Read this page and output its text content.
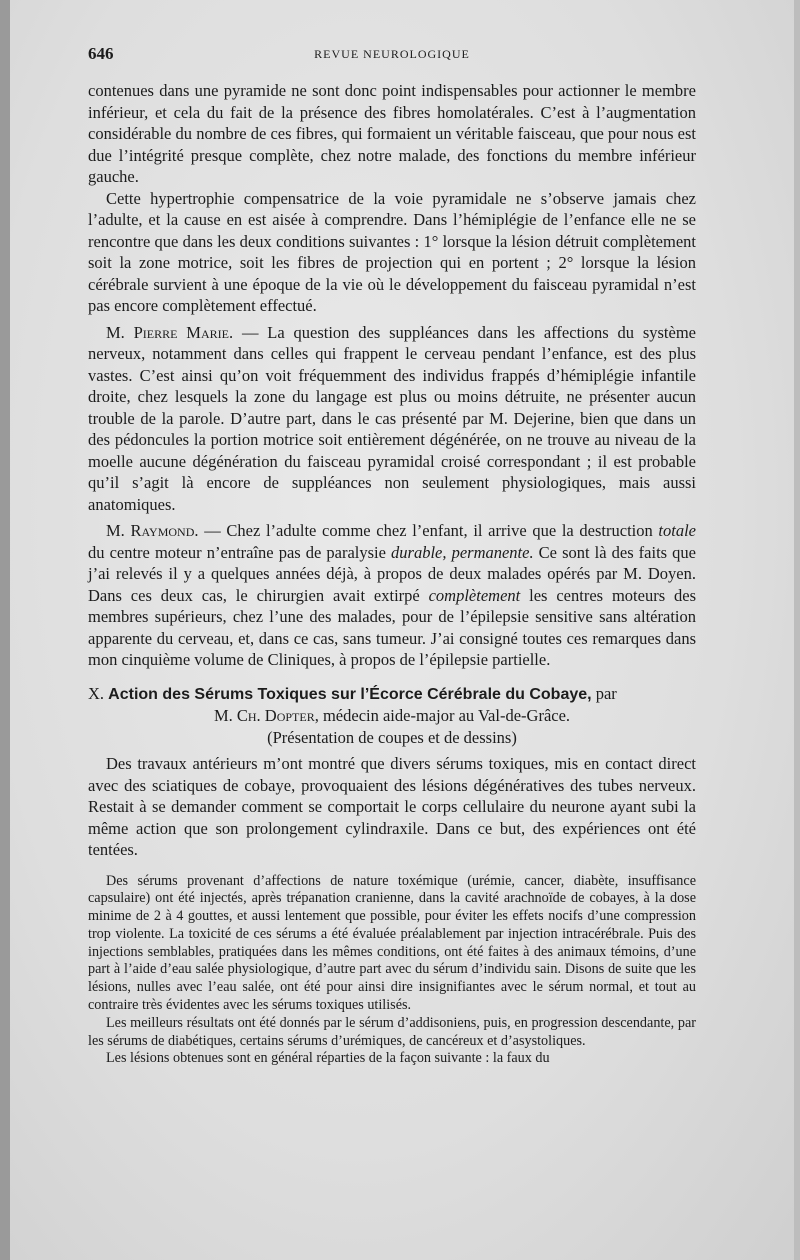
646	REVUE NEUROLOGIQUE

contenues dans une pyramide ne sont donc point indispensables pour actionner le membre inférieur, et cela du fait de la présence des fibres homolatérales. C’est à l’augmentation considérable du nombre de ces fibres, qui formaient un véritable faisceau, que pour nous est due l’intégrité presque complète, chez notre malade, des fonctions du membre inférieur gauche.

Cette hypertrophie compensatrice de la voie pyramidale ne s’observe jamais chez l’adulte, et la cause en est aisée à comprendre. Dans l’hémiplégie de l’enfance elle ne se rencontre que dans les deux conditions suivantes : 1° lorsque la lésion détruit complètement soit la zone motrice, soit les fibres de projection qui en portent ; 2° lorsque la lésion cérébrale survient à une époque de la vie où le développement du faisceau pyramidal n’est pas encore complètement effectué.

M. Pierre Marie. — La question des suppléances dans les affections du système nerveux, notamment dans celles qui frappent le cerveau pendant l’enfance, est des plus vastes. C’est ainsi qu’on voit fréquemment des individus frappés d’hémiplégie infantile droite, chez lesquels la zone du langage est plus ou moins détruite, ne présenter aucun trouble de la parole. D’autre part, dans le cas présenté par M. Dejerine, bien que dans un des pédoncules la portion motrice soit entièrement dégénérée, on ne trouve au niveau de la moelle aucune dégénération du faisceau pyramidal croisé correspondant ; il est probable qu’il s’agit là encore de suppléances non seulement physiologiques, mais aussi anatomiques.

M. Raymond. — Chez l’adulte comme chez l’enfant, il arrive que la destruction totale du centre moteur n’entraîne pas de paralysie durable, permanente. Ce sont là des faits que j’ai relevés il y a quelques années déjà, à propos de deux malades opérés par M. Doyen. Dans ces deux cas, le chirurgien avait extirpé complètement les centres moteurs des membres supérieurs, chez l’une des malades, pour de l’épilepsie sensitive sans altération apparente du cerveau, et, dans ce cas, sans tumeur. J’ai consigné toutes ces remarques dans mon cinquième volume de Cliniques, à propos de l’épilepsie partielle.

X. Action des Sérums Toxiques sur l’Écorce Cérébrale du Cobaye, par

M. Ch. Dopter, médecin aide-major au Val-de-Grâce.

(Présentation de coupes et de dessins)

Des travaux antérieurs m’ont montré que divers sérums toxiques, mis en contact direct avec des sciatiques de cobaye, provoquaient des lésions dégénératives des tubes nerveux. Restait à se demander comment se comportait le corps cellulaire du neurone ayant subi la même action que son prolongement cylindraxile. Dans ce but, des expériences ont été tentées.

Des sérums provenant d’affections de nature toxémique (urémie, cancer, diabète, insuffisance capsulaire) ont été injectés, après trépanation cranienne, dans la cavité arachnoïde de cobayes, à la dose minime de 2 à 4 gouttes, et aussi lentement que possible, pour éviter les effets nocifs d’une compression trop violente. La toxicité de ces sérums a été évaluée préalablement par injection intracérébrale. Puis des injections semblables, pratiquées dans les mêmes conditions, ont été faites à des animaux témoins, d’une part à l’aide d’eau salée physiologique, d’autre part avec du sérum d’individu sain. Disons de suite que les lésions, nulles avec l’eau salée, ont été pour ainsi dire insignifiantes avec le sérum normal, et tout au contraire très évidentes avec les sérums toxiques utilisés.

Les meilleurs résultats ont été donnés par le sérum d’addisoniens, puis, en progression descendante, par les sérums de diabétiques, certains sérums d’urémiques, de cancéreux et d’asystoliques.

Les lésions obtenues sont en général réparties de la façon suivante : la faux du
